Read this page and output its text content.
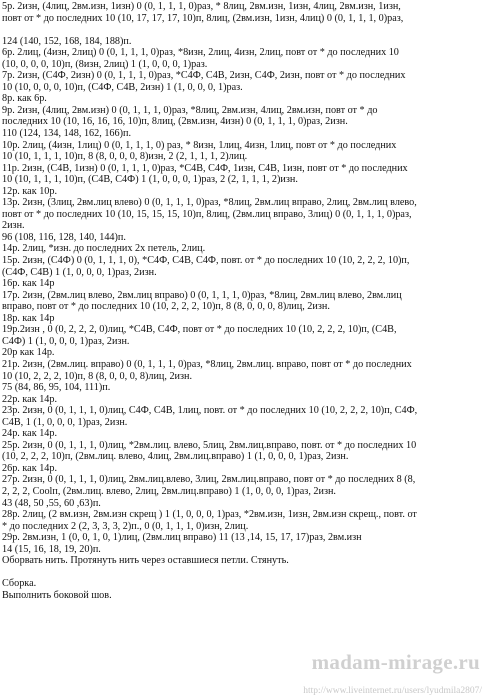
5р. 2изн, (4лиц, 2вм.изн, 1изн) 0 (0, 1, 1, 1, 0)раз, * 8лиц, 2вм.изн, 1изн, 4лиц, 2вм.изн, 1изн,
повт от * до последних 10 (10, 17, 17, 17, 10)п, 8лиц, (2вм.изн, 1изн, 4лиц) 0 (0, 1, 1, 1, 0)раз,
124 (140, 152, 168, 184, 188)п.
6р. 2лиц, (4изн, 2лиц) 0 (0, 1, 1, 1, 0)раз, *8изн, 2лиц, 4изн, 2лиц, повт от * до последних 10
(10, 0, 0, 0, 10)п, (8изн, 2лиц) 1 (1, 0, 0, 0, 1)раз.
7р. 2изн, (С4Ф, 2изн) 0 (0, 1, 1, 1, 0)раз, *С4Ф, С4В, 2изн, С4Ф, 2изн, повт от * до последних
10 (10, 0, 0, 0, 10)п, (С4Ф, С4В, 2изн) 1 (1, 0, 0, 0, 1)раз.
8р. как 6р.
9р. 2изн, (4лиц, 2вм.изн) 0 (0, 1, 1, 1, 0)раз, *8лиц, 2вм.изн, 4лиц, 2вм.изн, повт от * до
последних 10 (10, 16, 16, 16, 10)п, 8лиц, (2вм.изн, 4изн) 0 (0, 1, 1, 1, 0)раз, 2изн.
110 (124, 134, 148, 162, 166)п.
10р. 2лиц, (4изн, 1лиц) 0 (0, 1, 1, 1, 0) раз, * 8изн, 1лиц, 4изн, 1лиц, повт от * до последних
10 (10, 1, 1, 1, 10)п, 8 (8, 0, 0, 0, 8)изн, 2 (2, 1, 1, 1, 2)лиц.
11р. 2изн, (С4В, 1изн) 0 (0, 1, 1, 1, 0)раз, *С4В, С4Ф, 1изн, С4В, 1изн, повт от * до последних
10 (10, 1, 1, 1, 10)п, (С4В, С4Ф) 1 (1, 0, 0, 0, 1)раз, 2 (2, 1, 1, 1, 2)изн.
12р. как 10р.
13р. 2изн, (3лиц, 2вм.лиц влево) 0 (0, 1, 1, 1, 0)раз, *8лиц, 2вм.лиц вправо, 2лиц, 2вм.лиц влево,
повт от * до последних 10 (10, 15, 15, 15, 10)п, 8лиц, (2вм.лиц вправо, 3лиц) 0 (0, 1, 1, 1, 0)раз,
2изн.
96 (108, 116, 128, 140, 144)п.
14р. 2лиц, *изн. до последних 2х петель, 2лиц.
15р. 2изн, (С4Ф) 0 (0, 1, 1, 1, 0), *С4Ф, С4В, С4Ф, повт. от * до последних 10 (10, 2, 2, 2, 10)п,
(С4Ф, С4В) 1 (1, 0, 0, 0, 1)раз, 2изн.
16р. как 14р
17р. 2изн, (2вм.лиц влево, 2вм.лиц вправо) 0 (0, 1, 1, 1, 0)раз, *8лиц, 2вм.лиц влево, 2вм.лиц
вправо, повт от * до последних 10 (10, 2, 2, 2, 10)п, 8 (8, 0, 0, 0, 8)лиц, 2изн.
18р. как 14р
19р.2изн , 0 (0, 2, 2, 2, 0)лиц, *С4В, С4Ф, повт от * до последних 10 (10, 2, 2, 2, 10)п, (С4В,
С4Ф) 1 (1, 0, 0, 0, 1)раз, 2изн.
20р как 14р.
21р. 2изн, (2вм.лиц. вправо) 0 (0, 1, 1, 1, 0)раз, *8лиц, 2вм.лиц. вправо, повт от * до последних
10 (10, 2, 2, 2, 10)п, 8 (8, 0, 0, 0, 8)лиц, 2изн.
75 (84, 86, 95, 104, 111)п.
22р. как 14р.
23р. 2изн, 0 (0, 1, 1, 1, 0)лиц, С4Ф, С4В, 1лиц, повт. от * до последних 10 (10, 2, 2, 2, 10)п, С4Ф,
С4В, 1 (1, 0, 0, 0, 1)раз, 2изн.
24р. как 14р.
25р. 2изн, 0 (0, 1, 1, 1, 0)лиц, *2вм.лиц. влево, 5лиц, 2вм.лиц.вправо, повт. от * до последних 10
(10, 2, 2, 2, 10)п, (2вм.лиц. влево, 4лиц, 2вм.лиц.вправо) 1 (1, 0, 0, 0, 1)раз, 2изн.
26р. как 14р.
27р. 2изн, 0 (0, 1, 1, 1, 0)лиц, 2вм.лиц.влево, 3лиц, 2вм.лиц.вправо, повт от * до последних 8 (8,
2, 2, 2, Сооlп, (2вм.лиц. влево, 2лиц, 2вм.лиц.вправо) 1 (1, 0, 0, 0, 1)раз, 2изн.
43 (48, 50 ,55, 60 ,63)п.
28р. 2лиц, (2 вм.изн, 2вм.изн скрещ ) 1 (1, 0, 0, 0, 1)раз, *2вм.изн, 1изн, 2вм.изн скрещ., повт. от
* до последних 2 (2, 3, 3, 3, 2)п., 0 (0, 1, 1, 1, 0)изн, 2лиц.
29р. 2вм.изн, 1 (0, 0, 1, 0, 1)лиц, (2вм.лиц вправо) 11 (13 ,14, 15, 17, 17)раз, 2вм.изн
14 (15, 16, 18, 19, 20)п.
Оборвать нить. Протянуть нить через оставшиеся петли. Стянуть.
Сборка.
Выполнить боковой шов.
madam-mirage.ru
http://www.liveinternet.ru/users/lyudmila2807/
